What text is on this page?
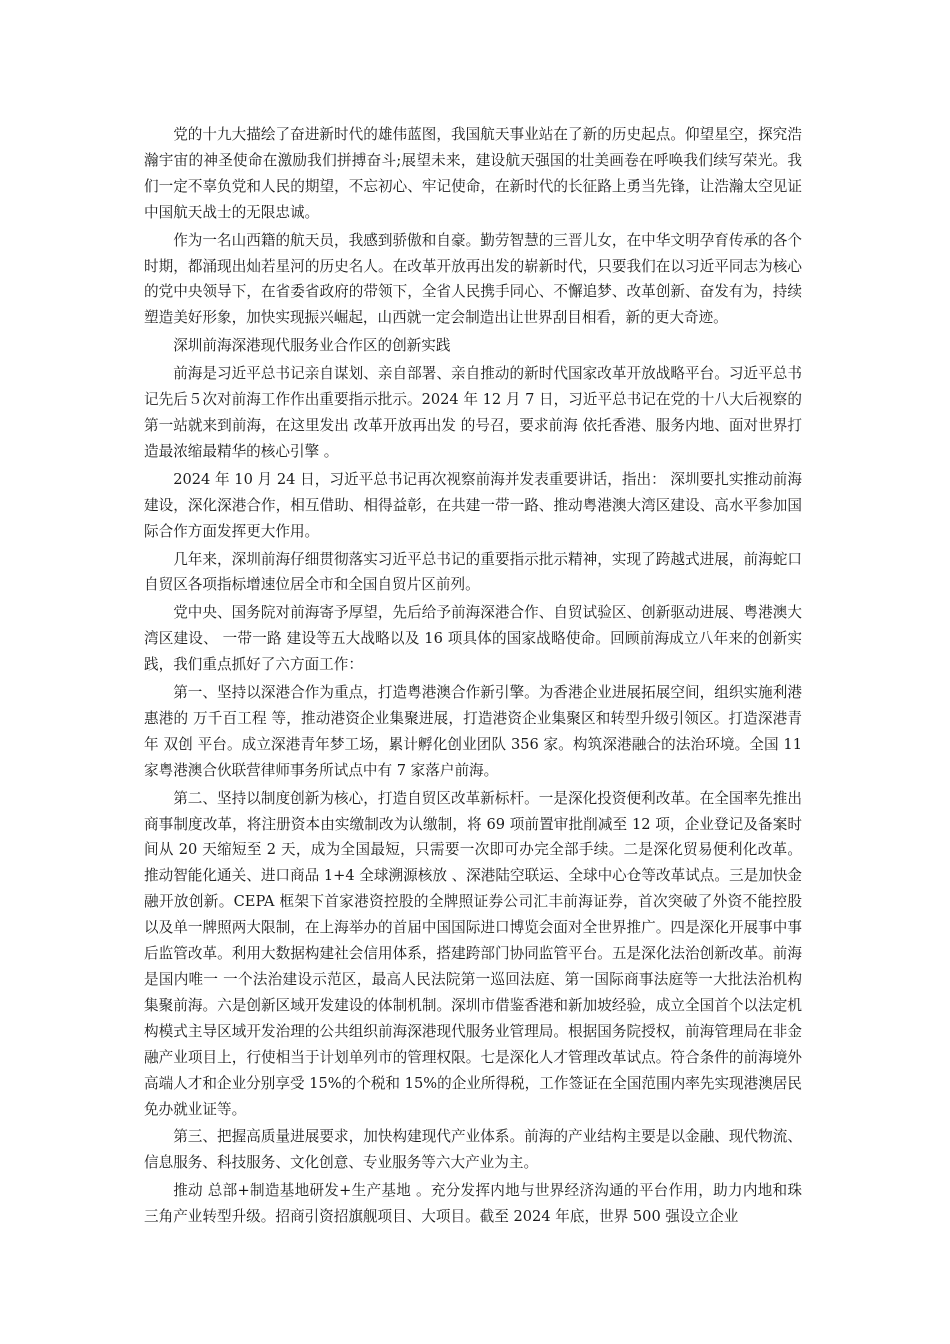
党的十九大描绘了奋进新时代的雄伟蓝图，我国航天事业站在了新的历史起点。仰望星空，探究浩瀚宇宙的神圣使命在激励我们拼搏奋斗;展望未来，建设航天强国的壮美画卷在呼唤我们续写荣光。我们一定不辜负党和人民的期望，不忘初心、牢记使命，在新时代的长征路上勇当先锋，让浩瀚太空见证中国航天战士的无限忠诚。

作为一名山西籍的航天员，我感到骄傲和自豪。勤劳智慧的三晋儿女，在中华文明孕育传承的各个时期，都涌现出灿若星河的历史名人。在改革开放再出发的崭新时代，只要我们在以习近平同志为核心的党中央领导下，在省委省政府的带领下，全省人民携手同心、不懈追梦、改革创新、奋发有为，持续塑造美好形象，加快实现振兴崛起，山西就一定会制造出让世界刮目相看，新的更大奇迹。

深圳前海深港现代服务业合作区的创新实践

前海是习近平总书记亲自谋划、亲自部署、亲自推动的新时代国家改革开放战略平台。习近平总书记先后５次对前海工作作出重要指示批示。2024 年 12 月 7 日，习近平总书记在党的十八大后视察的第一站就来到前海，在这里发出 改革开放再出发 的号召，要求前海 依托香港、服务内地、面对世界打造最浓缩最精华的核心引擎 。

2024 年 10 月 24 日，习近平总书记再次视察前海并发表重要讲话，指出： 深圳要扎实推动前海建设，深化深港合作，相互借助、相得益彰，在共建一带一路、推动粤港澳大湾区建设、高水平参加国际合作方面发挥更大作用。

几年来，深圳前海仔细贯彻落实习近平总书记的重要指示批示精神，实现了跨越式进展，前海蛇口自贸区各项指标增速位居全市和全国自贸片区前列。

党中央、国务院对前海寄予厚望，先后给予前海深港合作、自贸试验区、创新驱动进展、粤港澳大湾区建设、 一带一路 建设等五大战略以及 16 项具体的国家战略使命。回顾前海成立八年来的创新实践，我们重点抓好了六方面工作：

第一、坚持以深港合作为重点，打造粤港澳合作新引擎。为香港企业进展拓展空间，组织实施利港惠港的 万千百工程 等，推动港资企业集聚进展，打造港资企业集聚区和转型升级引领区。打造深港青年 双创 平台。成立深港青年梦工场，累计孵化创业团队 356 家。构筑深港融合的法治环境。全国 11 家粤港澳合伙联营律师事务所试点中有 7 家落户前海。

第二、坚持以制度创新为核心，打造自贸区改革新标杆。一是深化投资便利改革。在全国率先推出商事制度改革，将注册资本由实缴制改为认缴制，将 69 项前置审批削减至 12 项，企业登记及备案时间从 20 天缩短至 2 天，成为全国最短，只需要一次即可办完全部手续。二是深化贸易便利化改革。推动智能化通关、进口商品 1+4 全球溯源核放 、深港陆空联运、全球中心仓等改革试点。三是加快金融开放创新。CEPA 框架下首家港资控股的全牌照证券公司汇丰前海证券，首次突破了外资不能控股以及单一牌照两大限制，在上海举办的首届中国国际进口博览会面对全世界推广。四是深化开展事中事后监管改革。利用大数据构建社会信用体系，搭建跨部门协同监管平台。五是深化法治创新改革。前海是国内唯一 一个法治建设示范区，最高人民法院第一巡回法庭、第一国际商事法庭等一大批法治机构集聚前海。六是创新区域开发建设的体制机制。深圳市借鉴香港和新加坡经验，成立全国首个以法定机构模式主导区域开发治理的公共组织前海深港现代服务业管理局。根据国务院授权，前海管理局在非金融产业项目上，行使相当于计划单列市的管理权限。七是深化人才管理改革试点。符合条件的前海境外高端人才和企业分别享受 15%的个税和 15%的企业所得税，工作签证在全国范围内率先实现港澳居民免办就业证等。

第三、把握高质量进展要求，加快构建现代产业体系。前海的产业结构主要是以金融、现代物流、信息服务、科技服务、文化创意、专业服务等六大产业为主。

推动 总部+制造基地研发+生产基地 。充分发挥内地与世界经济沟通的平台作用，助力内地和珠三角产业转型升级。招商引资招旗舰项目、大项目。截至 2024 年底，世界 500 强设立企业
